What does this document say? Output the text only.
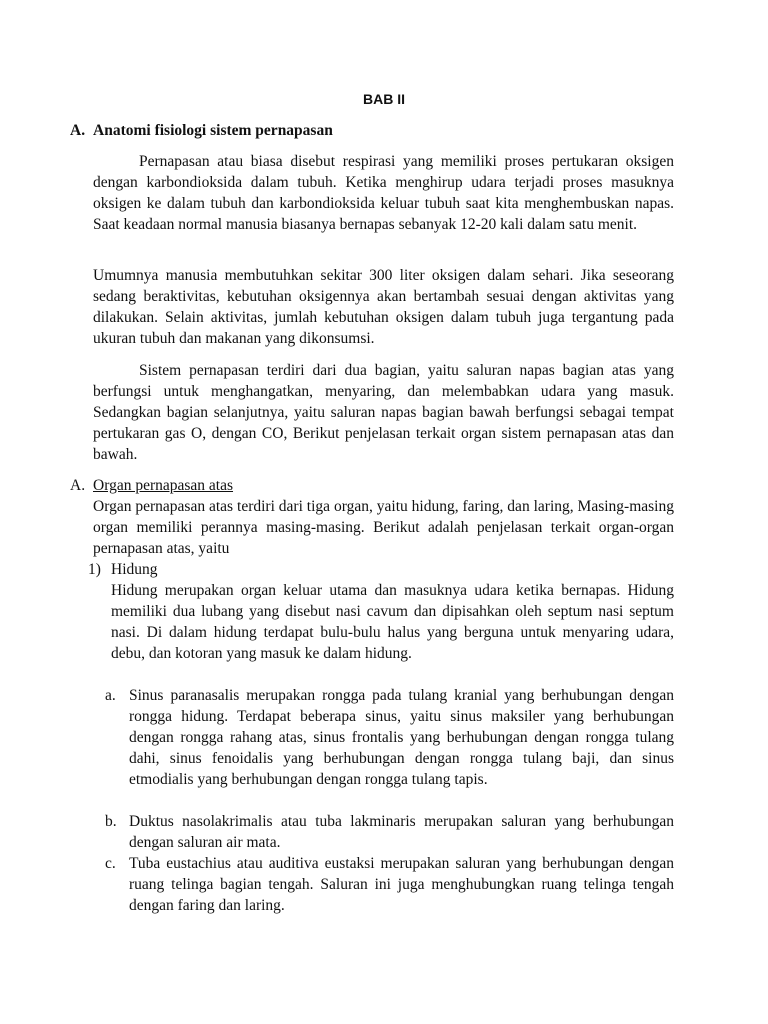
BAB II
A. Anatomi fisiologi sistem pernapasan

Pernapasan atau biasa disebut respirasi yang memiliki proses pertukaran oksigen dengan karbondioksida dalam tubuh. Ketika menghirup udara terjadi proses masuknya oksigen ke dalam tubuh dan karbondioksida keluar tubuh saat kita menghembuskan napas. Saat keadaan normal manusia biasanya bernapas sebanyak 12-20 kali dalam satu menit.

Umumnya manusia membutuhkan sekitar 300 liter oksigen dalam sehari. Jika seseorang sedang beraktivitas, kebutuhan oksigennya akan bertambah sesuai dengan aktivitas yang dilakukan. Selain aktivitas, jumlah kebutuhan oksigen dalam tubuh juga tergantung pada ukuran tubuh dan makanan yang dikonsumsi.

Sistem pernapasan terdiri dari dua bagian, yaitu saluran napas bagian atas yang berfungsi untuk menghangatkan, menyaring, dan melembabkan udara yang masuk. Sedangkan bagian selanjutnya, yaitu saluran napas bagian bawah berfungsi sebagai tempat pertukaran gas O, dengan CO, Berikut penjelasan terkait organ sistem pernapasan atas dan bawah.

A. Organ pernapasan atas

Organ pernapasan atas terdiri dari tiga organ, yaitu hidung, faring, dan laring, Masing-masing organ memiliki perannya masing-masing. Berikut adalah penjelasan terkait organ-organ pernapasan atas, yaitu

1) Hidung

Hidung merupakan organ keluar utama dan masuknya udara ketika bernapas. Hidung memiliki dua lubang yang disebut nasi cavum dan dipisahkan oleh septum nasi septum nasi. Di dalam hidung terdapat bulu-bulu halus yang berguna untuk menyaring udara, debu, dan kotoran yang masuk ke dalam hidung.

a. Sinus paranasalis merupakan rongga pada tulang kranial yang berhubungan dengan rongga hidung. Terdapat beberapa sinus, yaitu sinus maksiler yang berhubungan dengan rongga rahang atas, sinus frontalis yang berhubungan dengan rongga tulang dahi, sinus fenoidalis yang berhubungan dengan rongga tulang baji, dan sinus etmodialis yang berhubungan dengan rongga tulang tapis.

b. Duktus nasolakrimalis atau tuba lakminaris merupakan saluran yang berhubungan dengan saluran air mata.

c. Tuba eustachius atau auditiva eustaksi merupakan saluran yang berhubungan dengan ruang telinga bagian tengah. Saluran ini juga menghubungkan ruang telinga tengah dengan faring dan laring.
